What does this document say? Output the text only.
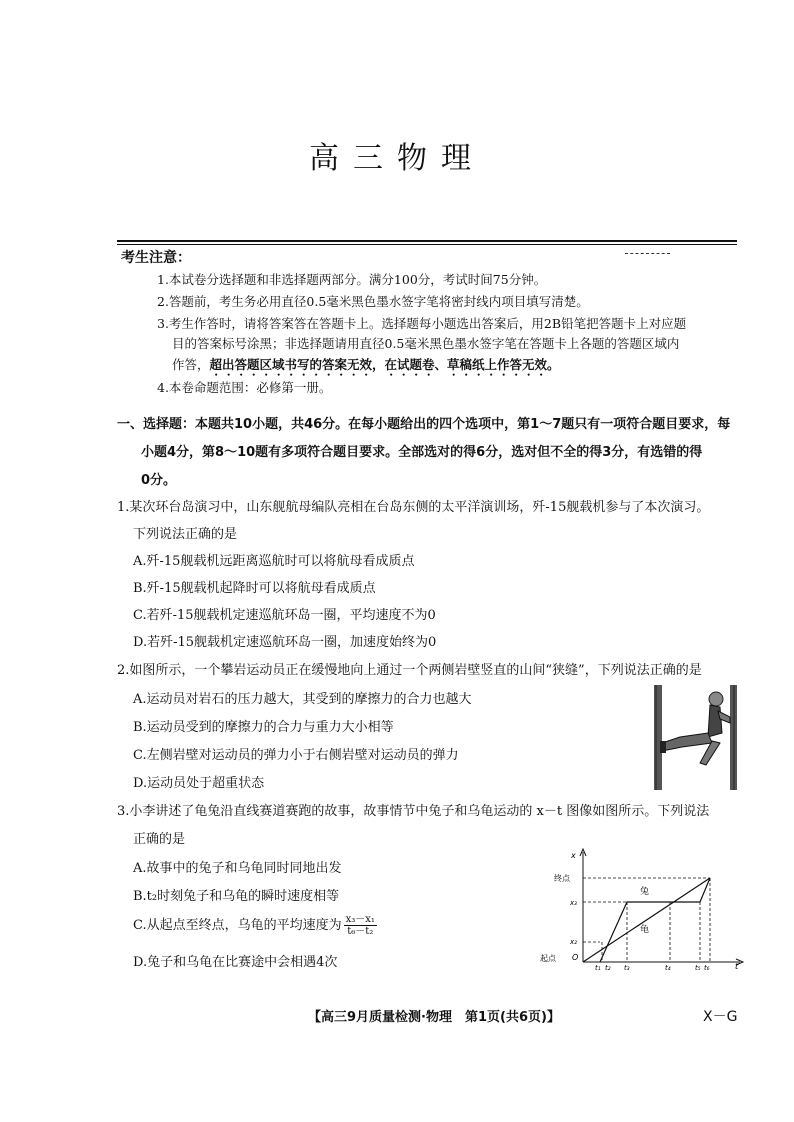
高三物理
考生注意：
1.本试卷分选择题和非选择题两部分。满分100分，考试时间75分钟。
2.答题前，考生务必用直径0.5毫米黑色墨水签字笔将密封线内项目填写清楚。
3.考生作答时，请将答案答在答题卡上。选择题每小题选出答案后，用2B铅笔把答题卡上对应题
目的答案标号涂黑；非选择题请用直径0.5毫米黑色墨水签字笔在答题卡上各题的答题区域内
作答，超出答题区域书写的答案无效，在试题卷、草稿纸上作答无效。
4.本卷命题范围：必修第一册。
一、选择题：本题共10小题，共46分。在每小题给出的四个选项中，第1～7题只有一项符合题目要求，每
小题4分，第8～10题有多项符合题目要求。全部选对的得6分，选对但不全的得3分，有选错的得
0分。
1.某次环台岛演习中，山东舰航母编队亮相在台岛东侧的太平洋演训场，歼-15舰载机参与了本次演习。
下列说法正确的是
A.歼-15舰载机远距离巡航时可以将航母看成质点
B.歼-15舰载机起降时可以将航母看成质点
C.若歼-15舰载机定速巡航环岛一圈，平均速度不为0
D.若歼-15舰载机定速巡航环岛一圈，加速度始终为0
2.如图所示，一个攀岩运动员正在缓慢地向上通过一个两侧岩壁竖直的山间“狭缝”，下列说法正确的是
A.运动员对岩石的压力越大，其受到的摩擦力的合力也越大
B.运动员受到的摩擦力的合力与重力大小相等
C.左侧岩壁对运动员的弹力小于右侧岩壁对运动员的弹力
D.运动员处于超重状态
3.小李讲述了龟兔沿直线赛道赛跑的故事，故事情节中兔子和乌龟运动的 x－t 图像如图所示。下列说法
正确的是
A.故事中的兔子和乌龟同时同地出发
B.t₂时刻兔子和乌龟的瞬时速度相等
C.从起点至终点，乌龟的平均速度为 $\frac{\text{x₃－x₁}}{\text{t₆－t₂}}$
D.兔子和乌龟在比赛途中会相遇4次	t
x
O
终点
x₃
x₂
起点
t₁ t₂ t₃	t₄	t₅ t₆
兔
龟
【高三9月质量检测·物理　第1页(共6页)】	X－G
